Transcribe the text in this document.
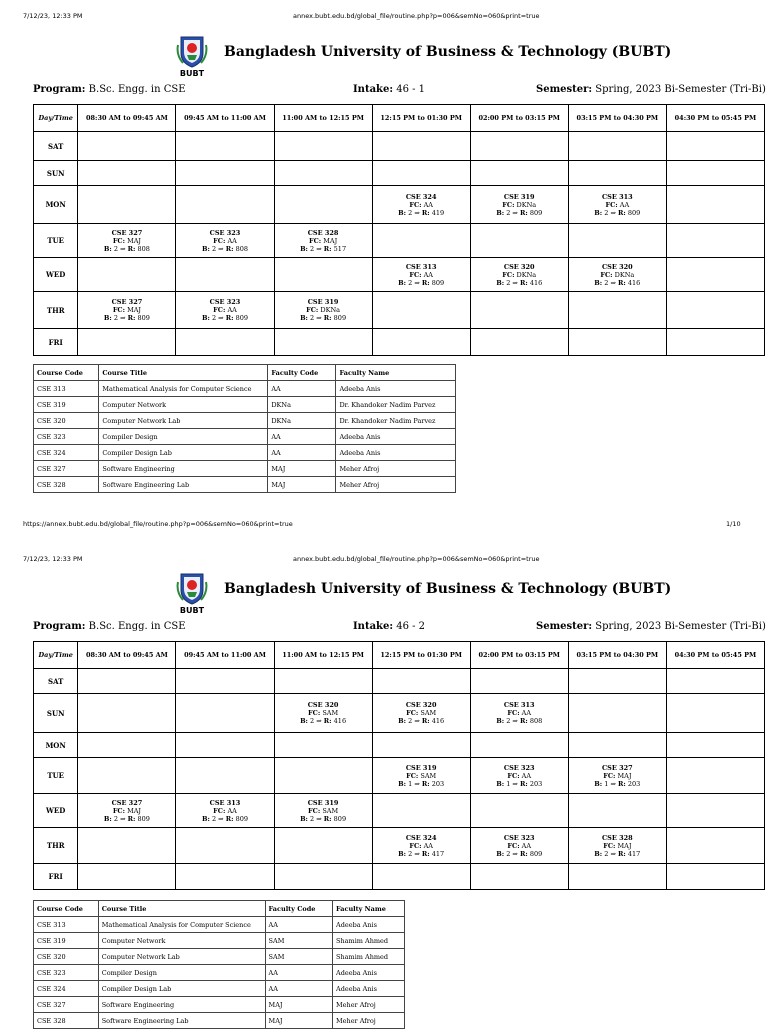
7/12/23, 12:33 PM	annex.bubt.edu.bd/global_file/routine.php?p=006&semNo=060&print=true
BUBT
Bangladesh University of Business & Technology (BUBT)
Program: B.Sc. Engg. in CSE	Intake: 46 - 1	Semester: Spring, 2023 Bi-Semester (Tri-Bi)
Day/Time	08:30 AM to 09:45 AM	09:45 AM to 11:00 AM	11:00 AM to 12:15 PM	12:15 PM to 01:30 PM	02:00 PM to 03:15 PM	03:15 PM to 04:30 PM	04:30 PM to 05:45 PM
SAT							
SUN							
MON				CSE 324
FC: AA
B: 2 ⇒ R: 419	CSE 319
FC: DKNa
B: 2 ⇒ R: 809	CSE 313
FC: AA
B: 2 ⇒ R: 809	

TUE	CSE 327
FC: MAJ
B: 2 ⇒ R: 808	CSE 323
FC: AA
B: 2 ⇒ R: 808	CSE 328
FC: MAJ
B: 2 ⇒ R: 517				

WED				CSE 313
FC: AA
B: 2 ⇒ R: 809	CSE 320
FC: DKNa
B: 2 ⇒ R: 416	CSE 320
FC: DKNa
B: 2 ⇒ R: 416	

THR	CSE 327
FC: MAJ
B: 2 ⇒ R: 809	CSE 323
FC: AA
B: 2 ⇒ R: 809	CSE 319
FC: DKNa
B: 2 ⇒ R: 809				

FRI							
Course Code	Course Title	Faculty Code	Faculty Name
CSE 313	Mathematical Analysis for Computer Science	AA	Adeeba Anis
CSE 319	Computer Network	DKNa	Dr. Khandoker Nadim Parvez
CSE 320	Computer Network Lab	DKNa	Dr. Khandoker Nadim Parvez
CSE 323	Compiler Design	AA	Adeeba Anis
CSE 324	Compiler Design Lab	AA	Adeeba Anis
CSE 327	Software Engineering	MAJ	Meher Afroj
CSE 328	Software Engineering Lab	MAJ	Meher Afroj
https://annex.bubt.edu.bd/global_file/routine.php?p=006&semNo=060&print=true	1/10
7/12/23, 12:33 PM	annex.bubt.edu.bd/global_file/routine.php?p=006&semNo=060&print=true
BUBT
Bangladesh University of Business & Technology (BUBT)
Program: B.Sc. Engg. in CSE	Intake: 46 - 2	Semester: Spring, 2023 Bi-Semester (Tri-Bi)
Day/Time	08:30 AM to 09:45 AM	09:45 AM to 11:00 AM	11:00 AM to 12:15 PM	12:15 PM to 01:30 PM	02:00 PM to 03:15 PM	03:15 PM to 04:30 PM	04:30 PM to 05:45 PM
SAT							
SUN			CSE 320
FC: SAM
B: 2 ⇒ R: 416	CSE 320
FC: SAM
B: 2 ⇒ R: 416	CSE 313
FC: AA
B: 2 ⇒ R: 808		

MON							
TUE				CSE 319
FC: SAM
B: 1 ⇒ R: 203	CSE 323
FC: AA
B: 1 ⇒ R: 203	CSE 327
FC: MAJ
B: 1 ⇒ R: 203	

WED	CSE 327
FC: MAJ
B: 2 ⇒ R: 809	CSE 313
FC: AA
B: 2 ⇒ R: 809	CSE 319
FC: SAM
B: 2 ⇒ R: 809				

THR				CSE 324
FC: AA
B: 2 ⇒ R: 417	CSE 323
FC: AA
B: 2 ⇒ R: 809	CSE 328
FC: MAJ
B: 2 ⇒ R: 417	

FRI							
Course Code	Course Title	Faculty Code	Faculty Name
CSE 313	Mathematical Analysis for Computer Science	AA	Adeeba Anis
CSE 319	Computer Network	SAM	Shamim Ahmed
CSE 320	Computer Network Lab	SAM	Shamim Ahmed
CSE 323	Compiler Design	AA	Adeeba Anis
CSE 324	Compiler Design Lab	AA	Adeeba Anis
CSE 327	Software Engineering	MAJ	Meher Afroj
CSE 328	Software Engineering Lab	MAJ	Meher Afroj
